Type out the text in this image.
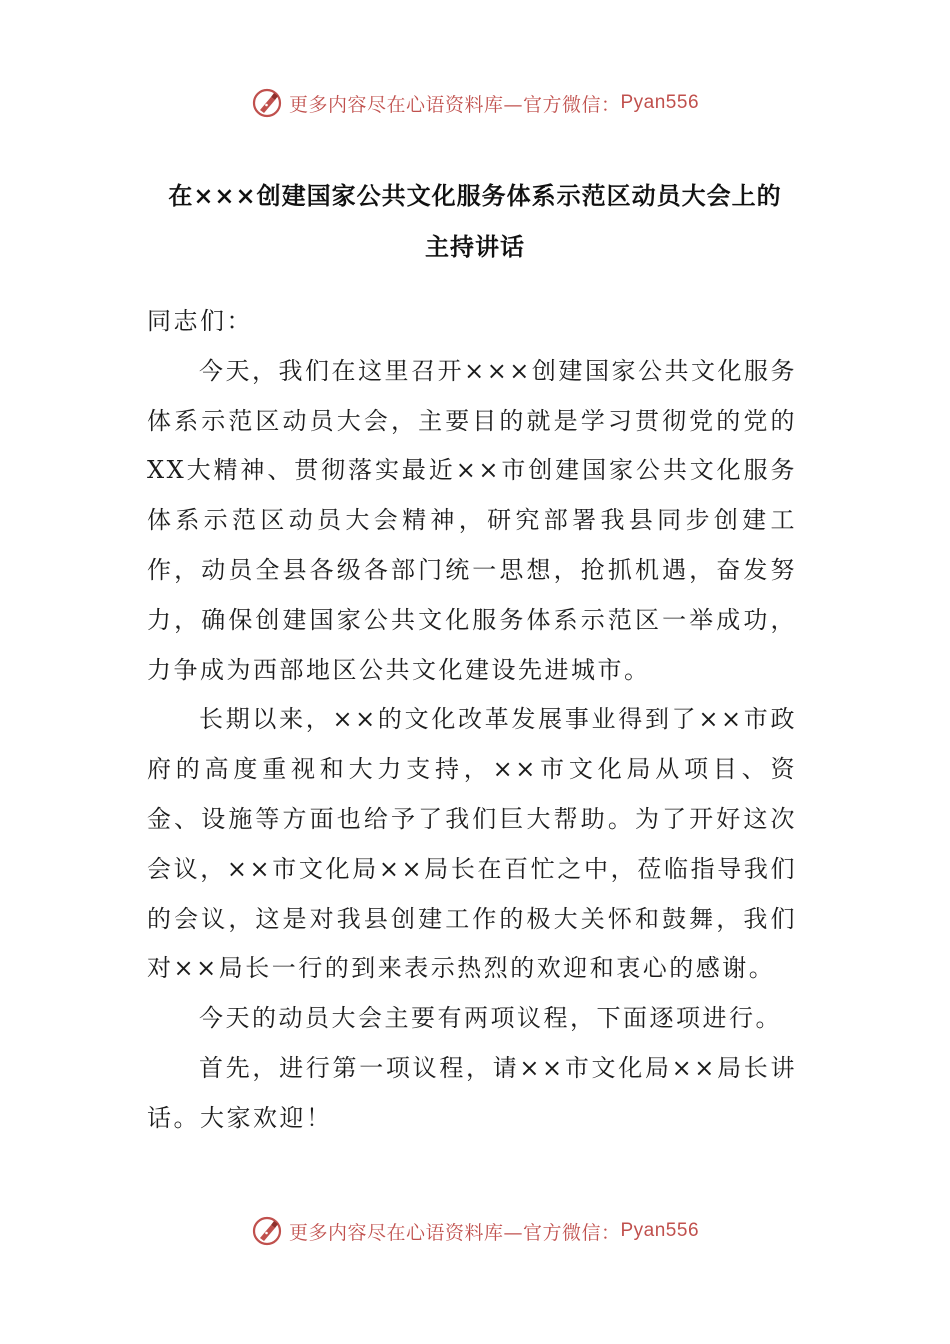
更多内容尽在心语资料库—官方微信： Pyan556
在×××创建国家公共文化服务体系示范区动员大会上的
主持讲话

同志们：

今天，我们在这里召开×××创建国家公共文化服务体系示范区动员大会，主要目的就是学习贯彻党的党的XX大精神、贯彻落实最近××市创建国家公共文化服务体系示范区动员大会精神，研究部署我县同步创建工作，动员全县各级各部门统一思想，抢抓机遇，奋发努力，确保创建国家公共文化服务体系示范区一举成功，力争成为西部地区公共文化建设先进城市。

长期以来，××的文化改革发展事业得到了××市政府的高度重视和大力支持，××市文化局从项目、资金、设施等方面也给予了我们巨大帮助。为了开好这次会议，××市文化局××局长在百忙之中，莅临指导我们的会议，这是对我县创建工作的极大关怀和鼓舞，我们对××局长一行的到来表示热烈的欢迎和衷心的感谢。

今天的动员大会主要有两项议程，下面逐项进行。

首先，进行第一项议程，请××市文化局××局长讲话。大家欢迎！

更多内容尽在心语资料库—官方微信： Pyan556
